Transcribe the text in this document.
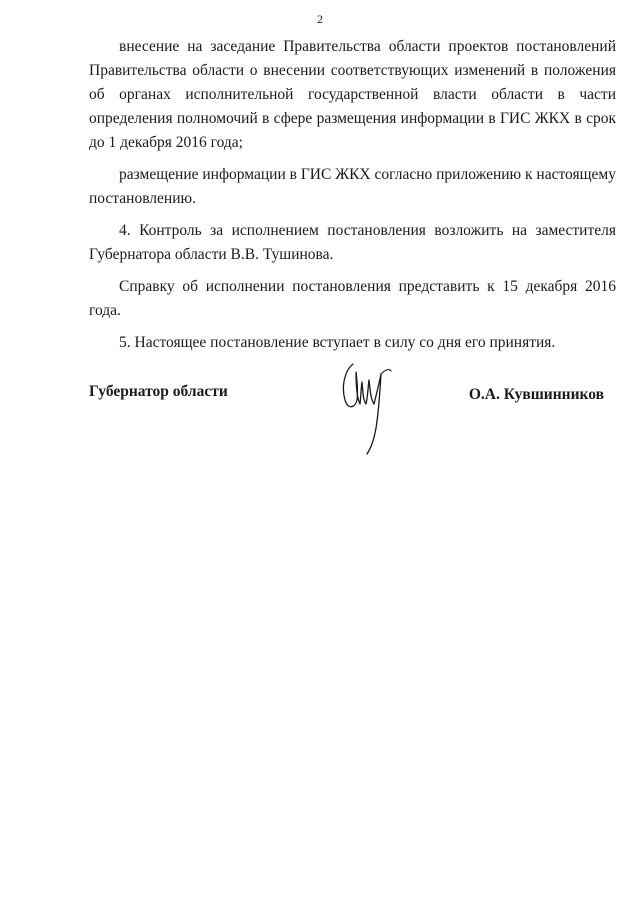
2

внесение на заседание Правительства области проектов постановлений Правительства области о внесении соответствующих изменений в положения об органах исполнительной государственной власти области в части определения полномочий в сфере размещения информации в ГИС ЖКХ в срок до 1 декабря 2016 года;

размещение информации в ГИС ЖКХ согласно приложению к настоящему постановлению.

4. Контроль за исполнением постановления возложить на заместителя Губернатора области В.В. Тушинова.

Справку об исполнении постановления представить к 15 декабря 2016 года.

5. Настоящее постановление вступает в силу со дня его принятия.

Губернатор области	О.А. Кувшинников
